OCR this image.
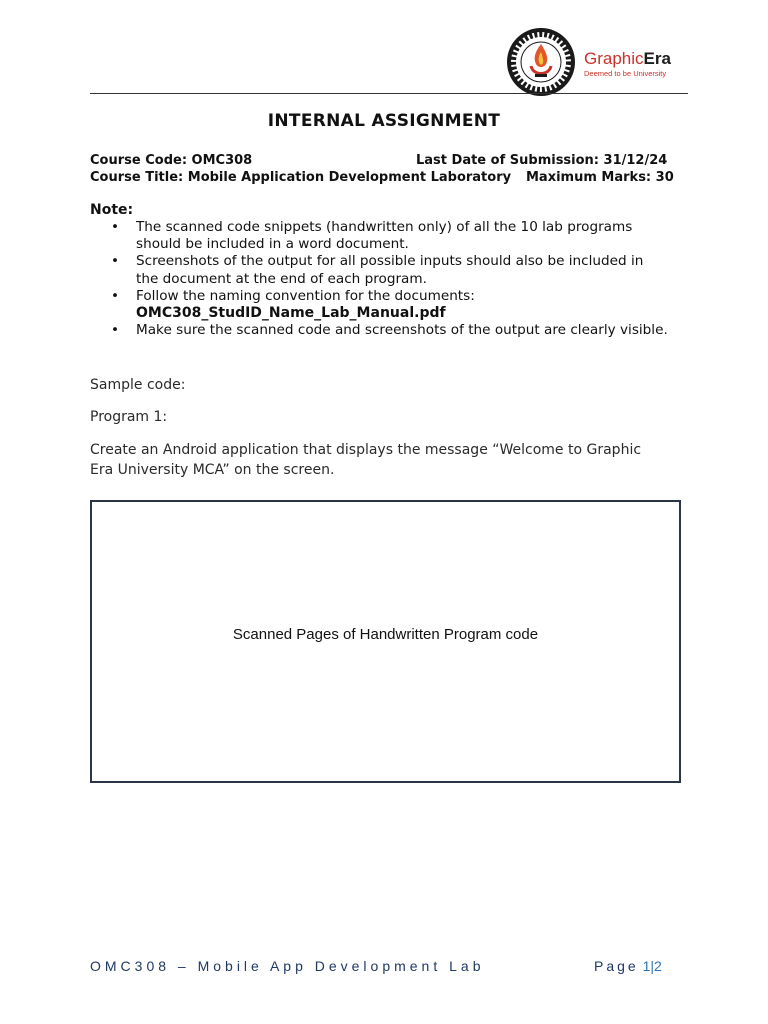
GraphicEra
Deemed to be University
INTERNAL ASSIGNMENT
Course Code: OMC308	Last Date of Submission: 31/12/24
Course Title: Mobile Application Development Laboratory Maximum Marks: 30
Note:
• The scanned code snippets (handwritten only) of all the 10 lab programs
should be included in a word document.
• Screenshots of the output for all possible inputs should also be included in
the document at the end of each program.
• Follow the naming convention for the documents:
OMC308_StudID_Name_Lab_Manual.pdf
• Make sure the scanned code and screenshots of the output are clearly visible.
Sample code:
Program 1:
Create an Android application that displays the message “Welcome to Graphic
Era University MCA” on the screen.
Scanned Pages of Handwritten Program code
OMC308 – Mobile App Development Lab	Page 1|2
